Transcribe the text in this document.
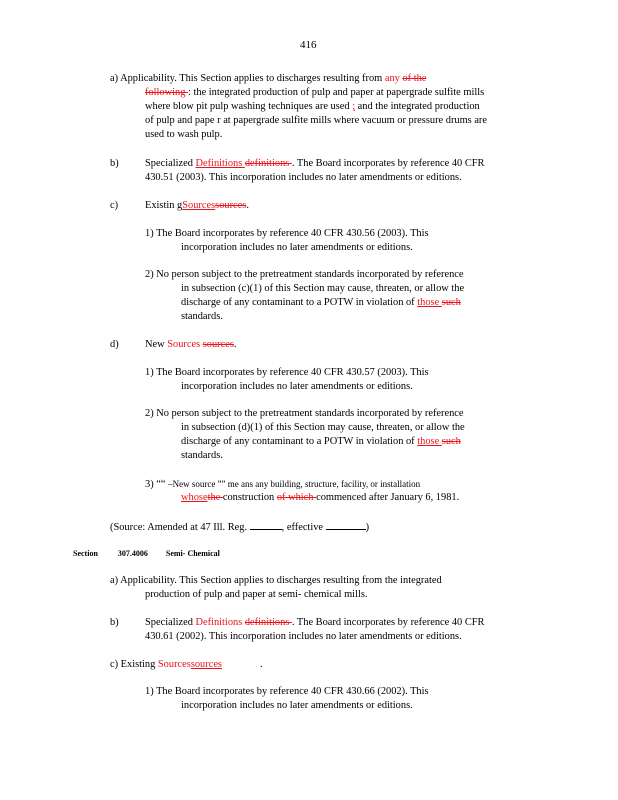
416
a) Applicability. This Section applies to discharges resulting from any of the
following : the integrated production of pulp and paper at papergrade sulfite mills
where blow pit pulp washing techniques are used ; and the integrated production
of pulp and pape r at papergrade sulfite mills where vacuum or pressure drums are
used to wash pulp.
b)	Specialized Definitions definitions . The Board incorporates by reference 40 CFR
430.51 (2003). This incorporation includes no later amendments or editions.
c)	Existin gSourcessources.
1) The Board incorporates by reference 40 CFR 430.56 (2003). This
incorporation includes no later amendments or editions.
2) No person subject to the pretreatment standards incorporated by reference
in subsection (c)(1) of this Section may cause, threaten, or allow the
discharge of any contaminant to a POTW in violation of those such
standards.
d)	New Sources sources.
1) The Board incorporates by reference 40 CFR 430.57 (2003). This
incorporation includes no later amendments or editions.
2) No person subject to the pretreatment standards incorporated by reference
in subsection (d)(1) of this Section may cause, threaten, or allow the
discharge of any contaminant to a POTW in violation of those such
standards.
3) ““ –New source ”” me ans any building, structure, facility, or installation
whosethe construction of which commenced after January 6, 1981.
(Source: Amended at 47 Ill. Reg.	, effective	)
Section	307.4006 Semi- Chemical
a) Applicability. This Section applies to discharges resulting from the integrated
production of pulp and paper at semi- chemical mills.
b)	Specialized Definitions definitions . The Board incorporates by reference 40 CFR
430.61 (2002). This incorporation includes no later amendments or editions.
c) Existing Sourcessources	.
1) The Board incorporates by reference 40 CFR 430.66 (2002). This
incorporation includes no later amendments or editions.
